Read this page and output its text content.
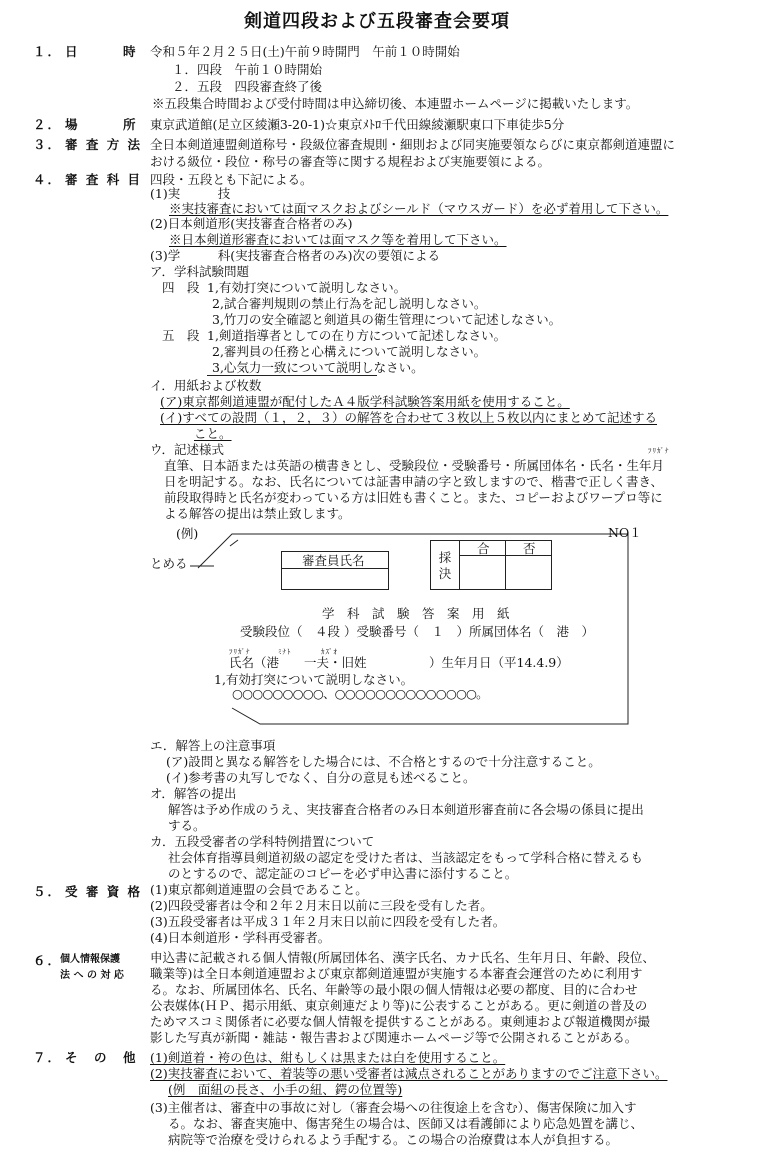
剣道四段および五段審査会要項
１． 日　　　時 令和５年２月２５日(土)午前９時開門　午前１０時開始
１．四段　午前１０時開始
２．五段　四段審査終了後
※五段集合時間および受付時間は申込締切後、本連盟ホームページに掲載いたします。
２． 場　　　所 東京武道館(足立区綾瀬3-20-1)☆東京ﾒﾄﾛ千代田線綾瀬駅東口下車徒歩5分
３． 審 査 方 法 全日本剣道連盟剣道称号・段級位審査規則・細則および同実施要領ならびに東京都剣道連盟に
おける級位・段位・称号の審査等に関する規程および実施要領による。
４． 審 査 科 目 四段・五段とも下記による。
(1)実　　　技
※実技審査においては面マスクおよびシールド（マウスガード）を必ず着用して下さい。
(2)日本剣道形(実技審査合格者のみ)
※日本剣道形審査においては面マスク等を着用して下さい。
(3)学　　　科(実技審査合格者のみ)次の要領による
ア．学科試験問題
四　段 1,有効打突について説明しなさい。
2,試合審判規則の禁止行為を記し説明しなさい。
3,竹刀の安全確認と剣道具の衛生管理について記述しなさい。
五　段 1,剣道指導者としての在り方について記述しなさい。
2,審判員の任務と心構えについて説明しなさい。
3,心気力一致について説明しなさい。
イ．用紙および枚数
(ア)東京都剣道連盟が配付したＡ４版学科試験答案用紙を使用すること。
(イ)すべての設問（１，２，３）の解答を合わせて３枚以上５枚以内にまとめて記述する
こと。
ウ．記述様式	ﾌﾘｶﾞﾅ
直筆、日本語または英語の横書きとし、受験段位・受験番号・所属団体名・氏名・生年月
日を明記する。なお、氏名については証書申請の字と致しますので、楷書で正しく書き、
前段取得時と氏名が変わっている方は旧姓も書くこと。また、コピーおよびワープロ等に
よる解答の提出は禁止致します。
(例)
とめる
NO１
審査員氏名	採決
合	否
学　科　試　験　答　案　用　紙
受験段位（　４段 ）受験番号（　１　）所属団体名（　港　）
ﾌﾘｶﾞﾅ	ﾐﾅﾄ	ｶｽﾞｵ
氏名（港　　一夫・旧姓　　　　　）生年月日（平14.4.9）
1,有効打突について説明しなさい。
○○○○○○○○○、○○○○○○○○○○○○○○。
エ．解答上の注意事項
(ア)設問と異なる解答をした場合には、不合格とするので十分注意すること。
(イ)参考書の丸写しでなく、自分の意見も述べること。
オ．解答の提出
解答は予め作成のうえ、実技審査合格者のみ日本剣道形審査前に各会場の係員に提出
する。
カ．五段受審者の学科特例措置について
社会体育指導員剣道初級の認定を受けた者は、当該認定をもって学科合格に替えるも
のとするので、認定証のコピーを必ず申込書に添付すること。
５． 受 審 資 格 (1)東京都剣道連盟の会員であること。
(2)四段受審者は令和２年２月末日以前に三段を受有した者。
(3)五段受審者は平成３１年２月末日以前に四段を受有した者。
(4)日本剣道形・学科再受審者。
６．
個人情報保護
法 へ の 対 応
申込書に記載される個人情報(所属団体名、漢字氏名、カナ氏名、生年月日、年齢、段位、
職業等)は全日本剣道連盟および東京都剣道連盟が実施する本審査会運営のために利用す
る。なお、所属団体名、氏名、年齢等の最小限の個人情報は必要の都度、目的に合わせ
公表媒体(ＨＰ、掲示用紙、東京剣連だより等)に公表することがある。更に剣道の普及の
ためマスコミ関係者に必要な個人情報を提供することがある。東剣連および報道機関が撮
影した写真が新聞・雑誌・報告書および関連ホームページ等で公開されることがある。
７． そ　の　他 (1)剣道着・袴の色は、紺もしくは黒または白を使用すること。
(2)実技審査において、着装等の悪い受審者は減点されることがありますのでご注意下さい。
(例　面紐の長さ、小手の紐、鍔の位置等)
(3)主催者は、審査中の事故に対し（審査会場への往復途上を含む）、傷害保険に加入す
る。なお、審査実施中、傷害発生の場合は、医師又は看護師により応急処置を講じ、
病院等で治療を受けられるよう手配する。この場合の治療費は本人が負担する。
